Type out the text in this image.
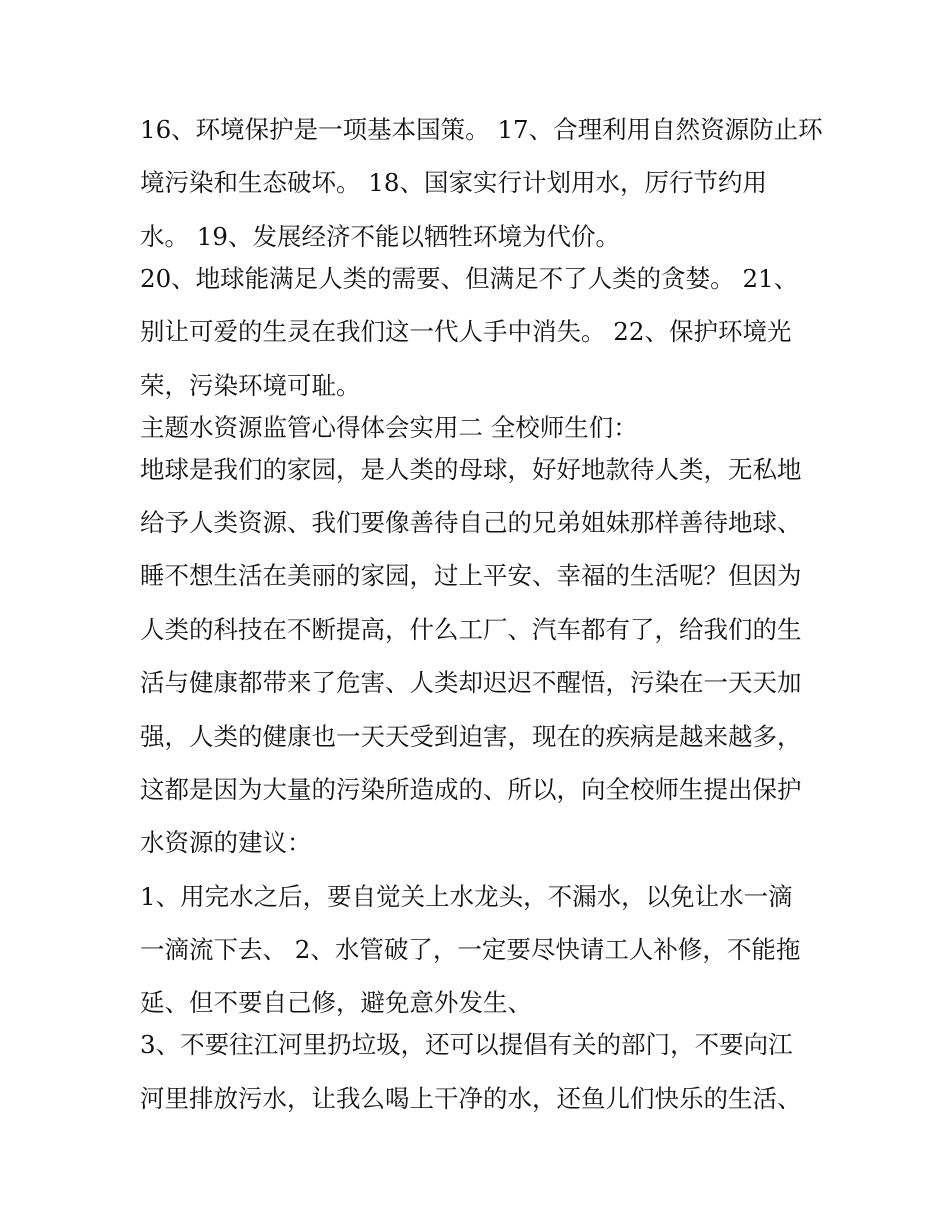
16、环境保护是一项基本国策。 17、合理利用自然资源防止环
境污染和生态破坏。 18、国家实行计划用水，厉行节约用
水。 19、发展经济不能以牺牲环境为代价。
20、地球能满足人类的需要、但满足不了人类的贪婪。 21、
别让可爱的生灵在我们这一代人手中消失。 22、保护环境光
荣，污染环境可耻。
主题水资源监管心得体会实用二 全校师生们：
地球是我们的家园，是人类的母球，好好地款待人类，无私地
给予人类资源、我们要像善待自己的兄弟姐妹那样善待地球、
睡不想生活在美丽的家园，过上平安、幸福的生活呢？但因为
人类的科技在不断提高，什么工厂、汽车都有了，给我们的生
活与健康都带来了危害、人类却迟迟不醒悟，污染在一天天加
强，人类的健康也一天天受到迫害，现在的疾病是越来越多，
这都是因为大量的污染所造成的、所以，向全校师生提出保护
水资源的建议：
1、用完水之后，要自觉关上水龙头，不漏水，以免让水一滴
一滴流下去、 2、水管破了，一定要尽快请工人补修，不能拖
延、但不要自己修，避免意外发生、
3、不要往江河里扔垃圾，还可以提倡有关的部门，不要向江
河里排放污水，让我么喝上干净的水，还鱼儿们快乐的生活、
